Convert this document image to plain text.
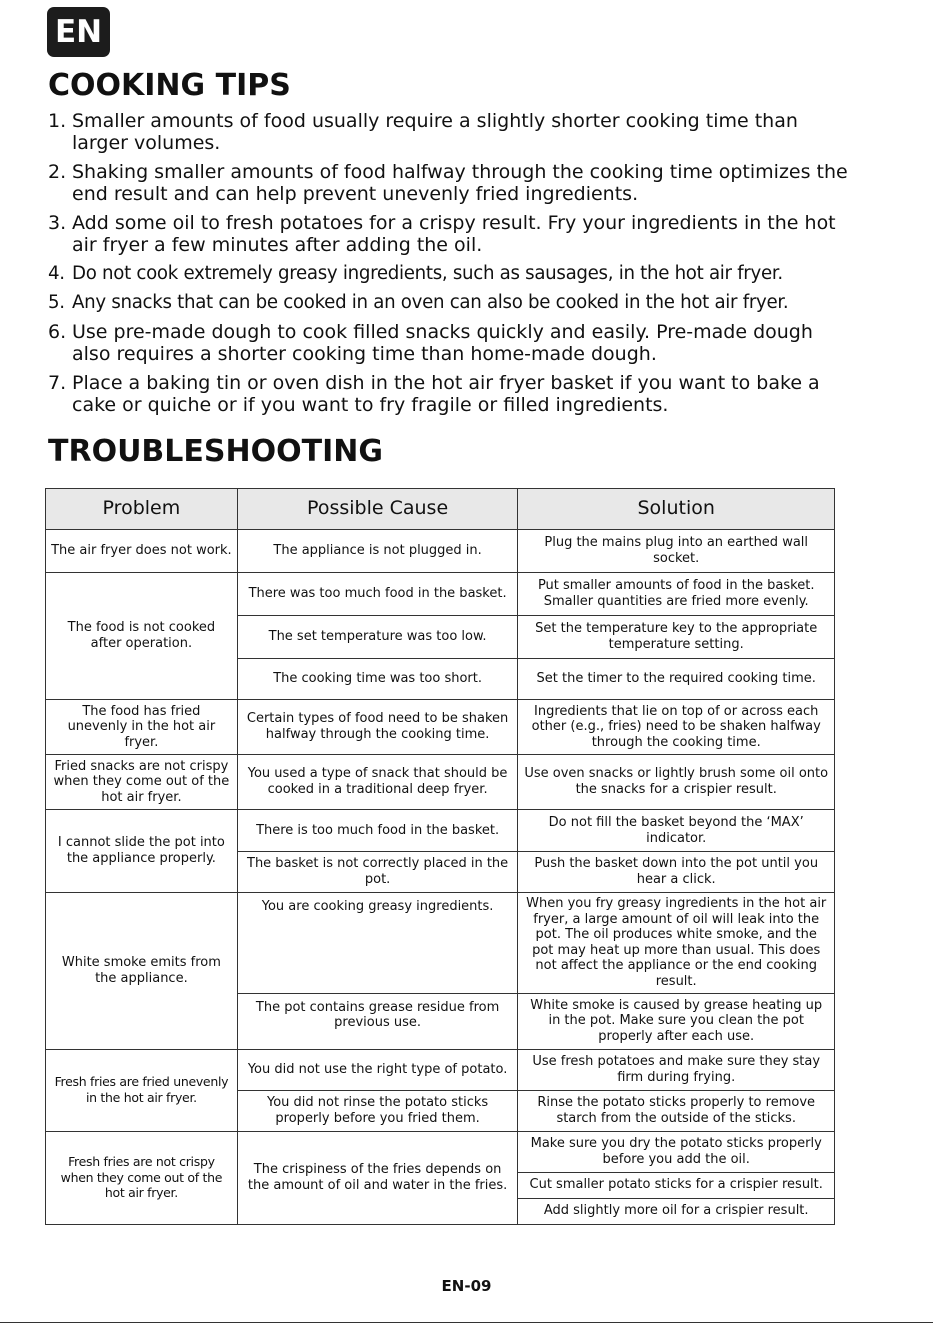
EN
COOKING TIPS
1. Smaller amounts of food usually require a slightly shorter cooking time than larger volumes.
2. Shaking smaller amounts of food halfway through the cooking time optimizes the end result and can help prevent unevenly fried ingredients.
3. Add some oil to fresh potatoes for a crispy result. Fry your ingredients in the hot air fryer a few minutes after adding the oil.
4. Do not cook extremely greasy ingredients, such as sausages, in the hot air fryer.
5. Any snacks that can be cooked in an oven can also be cooked in the hot air fryer.
6. Use pre-made dough to cook filled snacks quickly and easily. Pre-made dough also requires a shorter cooking time than home-made dough.
7. Place a baking tin or oven dish in the hot air fryer basket if you want to bake a cake or quiche or if you want to fry fragile or filled ingredients.
TROUBLESHOOTING
Problem	Possible Cause	Solution
The air fryer does not work.	The appliance is not plugged in.	Plug the mains plug into an earthed wall socket.
The food is not cooked after operation.	There was too much food in the basket.	Put smaller amounts of food in the basket. Smaller quantities are fried more evenly.
	The set temperature was too low.	Set the temperature key to the appropriate temperature setting.
	The cooking time was too short.	Set the timer to the required cooking time.
The food has fried unevenly in the hot air fryer.	Certain types of food need to be shaken halfway through the cooking time.	Ingredients that lie on top of or across each other (e.g., fries) need to be shaken halfway through the cooking time.
Fried snacks are not crispy when they come out of the hot air fryer.	You used a type of snack that should be cooked in a traditional deep fryer.	Use oven snacks or lightly brush some oil onto the snacks for a crispier result.
I cannot slide the pot into the appliance properly.	There is too much food in the basket.	Do not fill the basket beyond the ‘MAX’ indicator.
	The basket is not correctly placed in the pot.	Push the basket down into the pot until you hear a click.
White smoke emits from the appliance.	You are cooking greasy ingredients.	When you fry greasy ingredients in the hot air fryer, a large amount of oil will leak into the pot. The oil produces white smoke, and the pot may heat up more than usual. This does not affect the appliance or the end cooking result.
	The pot contains grease residue from previous use.	White smoke is caused by grease heating up in the pot. Make sure you clean the pot properly after each use.
Fresh fries are fried unevenly in the hot air fryer.	You did not use the right type of potato.	Use fresh potatoes and make sure they stay firm during frying.
	You did not rinse the potato sticks properly before you fried them.	Rinse the potato sticks properly to remove starch from the outside of the sticks.
Fresh fries are not crispy when they come out of the hot air fryer.	The crispiness of the fries depends on the amount of oil and water in the fries.	Make sure you dry the potato sticks properly before you add the oil.
		Cut smaller potato sticks for a crispier result.
		Add slightly more oil for a crispier result.
EN-09
